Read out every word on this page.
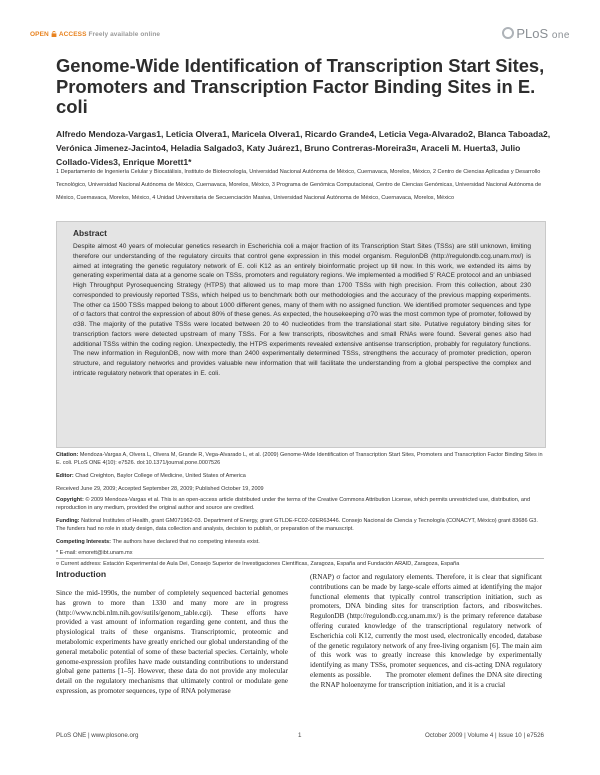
OPEN ACCESS Freely available online	PLoS one
Genome-Wide Identification of Transcription Start Sites, Promoters and Transcription Factor Binding Sites in E. coli
Alfredo Mendoza-Vargas1, Leticia Olvera1, Maricela Olvera1, Ricardo Grande4, Leticia Vega-Alvarado2, Blanca Taboada2, Verónica Jimenez-Jacinto4, Heladia Salgado3, Katy Juárez1, Bruno Contreras-Moreira3¤, Araceli M. Huerta3, Julio Collado-Vides3, Enrique Morett1*
1 Departamento de Ingeniería Celular y Biocatálisis, Instituto de Biotecnología, Universidad Nacional Autónoma de México, Cuernavaca, Morelos, México, 2 Centro de Ciencias Aplicadas y Desarrollo Tecnológico, Universidad Nacional Autónoma de México, Cuernavaca, Morelos, México, 3 Programa de Genómica Computacional, Centro de Ciencias Genómicas, Universidad Nacional Autónoma de México, Cuernavaca, Morelos, México, 4 Unidad Universitaria de Secuenciación Masiva, Universidad Nacional Autónoma de México, Cuernavaca, Morelos, México
Abstract
Despite almost 40 years of molecular genetics research in Escherichia coli a major fraction of its Transcription Start Sites (TSSs) are still unknown, limiting therefore our understanding of the regulatory circuits that control gene expression in this model organism. RegulonDB (http://regulondb.ccg.unam.mx/) is aimed at integrating the genetic regulatory network of E. coli K12 as an entirely bioinformatic project up till now. In this work, we extended its aims by generating experimental data at a genome scale on TSSs, promoters and regulatory regions. We implemented a modified 5′ RACE protocol and an unbiased High Throughput Pyrosequencing Strategy (HTPS) that allowed us to map more than 1700 TSSs with high precision. From this collection, about 230 corresponded to previously reported TSSs, which helped us to benchmark both our methodologies and the accuracy of the previous mapping experiments. The other ca 1500 TSSs mapped belong to about 1000 different genes, many of them with no assigned function. We identified promoter sequences and type of σ factors that control the expression of about 80% of these genes. As expected, the housekeeping σ70 was the most common type of promoter, followed by σ38. The majority of the putative TSSs were located between 20 to 40 nucleotides from the translational start site. Putative regulatory binding sites for transcription factors were detected upstream of many TSSs. For a few transcripts, riboswitches and small RNAs were found. Several genes also had additional TSSs within the coding region. Unexpectedly, the HTPS experiments revealed extensive antisense transcription, probably for regulatory functions. The new information in RegulonDB, now with more than 2400 experimentally determined TSSs, strengthens the accuracy of promoter prediction, operon structure, and regulatory networks and provides valuable new information that will facilitate the understanding from a global perspective the complex and intricate regulatory network that operates in E. coli.
Citation: Mendoza-Vargas A, Olvera L, Olvera M, Grande R, Vega-Alvarado L, et al. (2009) Genome-Wide Identification of Transcription Start Sites, Promoters and Transcription Factor Binding Sites in E. coli. PLoS ONE 4(10): e7526. doi:10.1371/journal.pone.0007526
Editor: Chad Creighton, Baylor College of Medicine, United States of America
Received June 29, 2009; Accepted September 28, 2009; Published October 19, 2009
Copyright: © 2009 Mendoza-Vargas et al. This is an open-access article distributed under the terms of the Creative Commons Attribution License, which permits unrestricted use, distribution, and reproduction in any medium, provided the original author and source are credited.
Funding: National Institutes of Health, grant GM071962-03. Department of Energy, grant GTLDE-FC02-02ER63446. Consejo Nacional de Ciencia y Tecnología (CONACYT, México) grant 83686 G3. The funders had no role in study design, data collection and analysis, decision to publish, or preparation of the manuscript.
Competing Interests: The authors have declared that no competing interests exist.
* E-mail: emorett@ibt.unam.mx
¤ Current address: Estación Experimental de Aula Dei, Consejo Superior de Investigaciones Científicas, Zaragoza, España and Fundación ARAID, Zaragoza, España
Introduction
Since the mid-1990s, the number of completely sequenced bacterial genomes has grown to more than 1330 and many more are in progress (http://www.ncbi.nlm.nih.gov/sutils/genom_table.cgi). These efforts have provided a vast amount of information regarding gene content, and thus the physiological traits of these organisms. Transcriptomic, proteomic and metabolomic experiments have greatly enriched our global understanding of the general metabolic potential of some of these bacterial species. Certainly, whole genome-expression profiles have made outstanding contributions to understand global gene patterns [1–5]. However, these data do not provide any molecular detail on the regulatory mechanisms that ultimately control or modulate gene expression, as promoter sequences, type of RNA polymerase
(RNAP) σ factor and regulatory elements. Therefore, it is clear that significant contributions can be made by large-scale efforts aimed at identifying the major functional elements that typically control transcription initiation, such as promoters, DNA binding sites for transcription factors, and riboswitches. RegulonDB (http://regulondb.ccg.unam.mx/) is the primary reference database offering curated knowledge of the transcriptional regulatory network of Escherichia coli K12, currently the most used, electronically encoded, database of the genetic regulatory network of any free-living organism [6]. The main aim of this work was to greatly increase this knowledge by experimentally identifying as many TSSs, promoter sequences, and cis-acting DNA regulatory elements as possible.  The promoter element defines the DNA site directing the RNAP holoenzyme for transcription initiation, and it is a crucial
PLoS ONE | www.plosone.org	1	October 2009 | Volume 4 | Issue 10 | e7526
